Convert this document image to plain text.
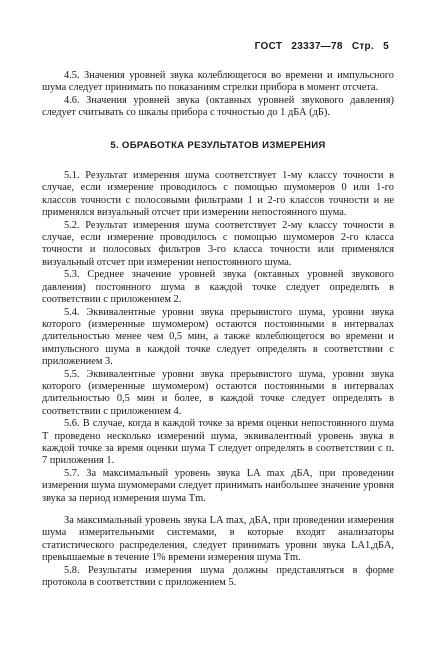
ГОСТ 23337—78 Стр. 5

4.5. Значения уровней звука колеблющегося во времени и импульсного шума следует принимать по показаниям стрелки прибора в момент отсчета.

4.6. Значения уровней звука (октавных уровней звукового давления) следует считывать со шкалы прибора с точностью до 1 дБА (дБ).

5. ОБРАБОТКА РЕЗУЛЬТАТОВ ИЗМЕРЕНИЯ

5.1. Результат измерения шума соответствует 1-му классу точности в случае, если измерение проводилось с помощью шумомеров 0 или 1-го классов точности с полосовыми фильтрами 1 и 2-го классов точности и не применялся визуальный отсчет при измерении непостоянного шума.

5.2. Результат измерения шума соответствует 2-му классу точности в случае, если измерение проводилось с помощью шумомеров 2-го класса точности и полосовых фильтров 3-го класса точности или применялся визуальный отсчет при измерении непостоянного шума.

5.3. Среднее значение уровней звука (октавных уровней звукового давления) постоянного шума в каждой точке следует определять в соответствии с приложением 2.

5.4. Эквивалентные уровни звука прерывистого шума, уровни звука которого (измеренные шумомером) остаются постоянными в интервалах длительностью менее чем 0,5 мин, а также колеблющегося во времени и импульсного шума в каждой точке следует определять в соответствии с приложением 3.

5.5. Эквивалентные уровни звука прерывистого шума, уровни звука которого (измеренные шумомером) остаются постоянными в интервалах длительностью 0,5 мин и более, в каждой точке следует определять в соответствии с приложением 4.

5.6. В случае, когда в каждой точке за время оценки непостоянного шума T проведено несколько измерений шума, эквивалентный уровень звука в каждой точке за время оценки шума T следует определять в соответствии с п. 7 приложения 1.

5.7. За максимальный уровень звука LA max дБА, при проведении измерения шума шумомерами следует принимать наибольшее значение уровня звука за период измерения шума Tm.

За максимальный уровень звука LA max, дБА, при проведении измерения шума измерительными системами, в которые входят анализаторы статистического распределения, следует принимать уровни звука LA1,дБА, превышаемые в течение 1% времени измерения шума Tm.

5.8. Результаты измерения шума должны представляться в форме протокола в соответствии с приложением 5.
